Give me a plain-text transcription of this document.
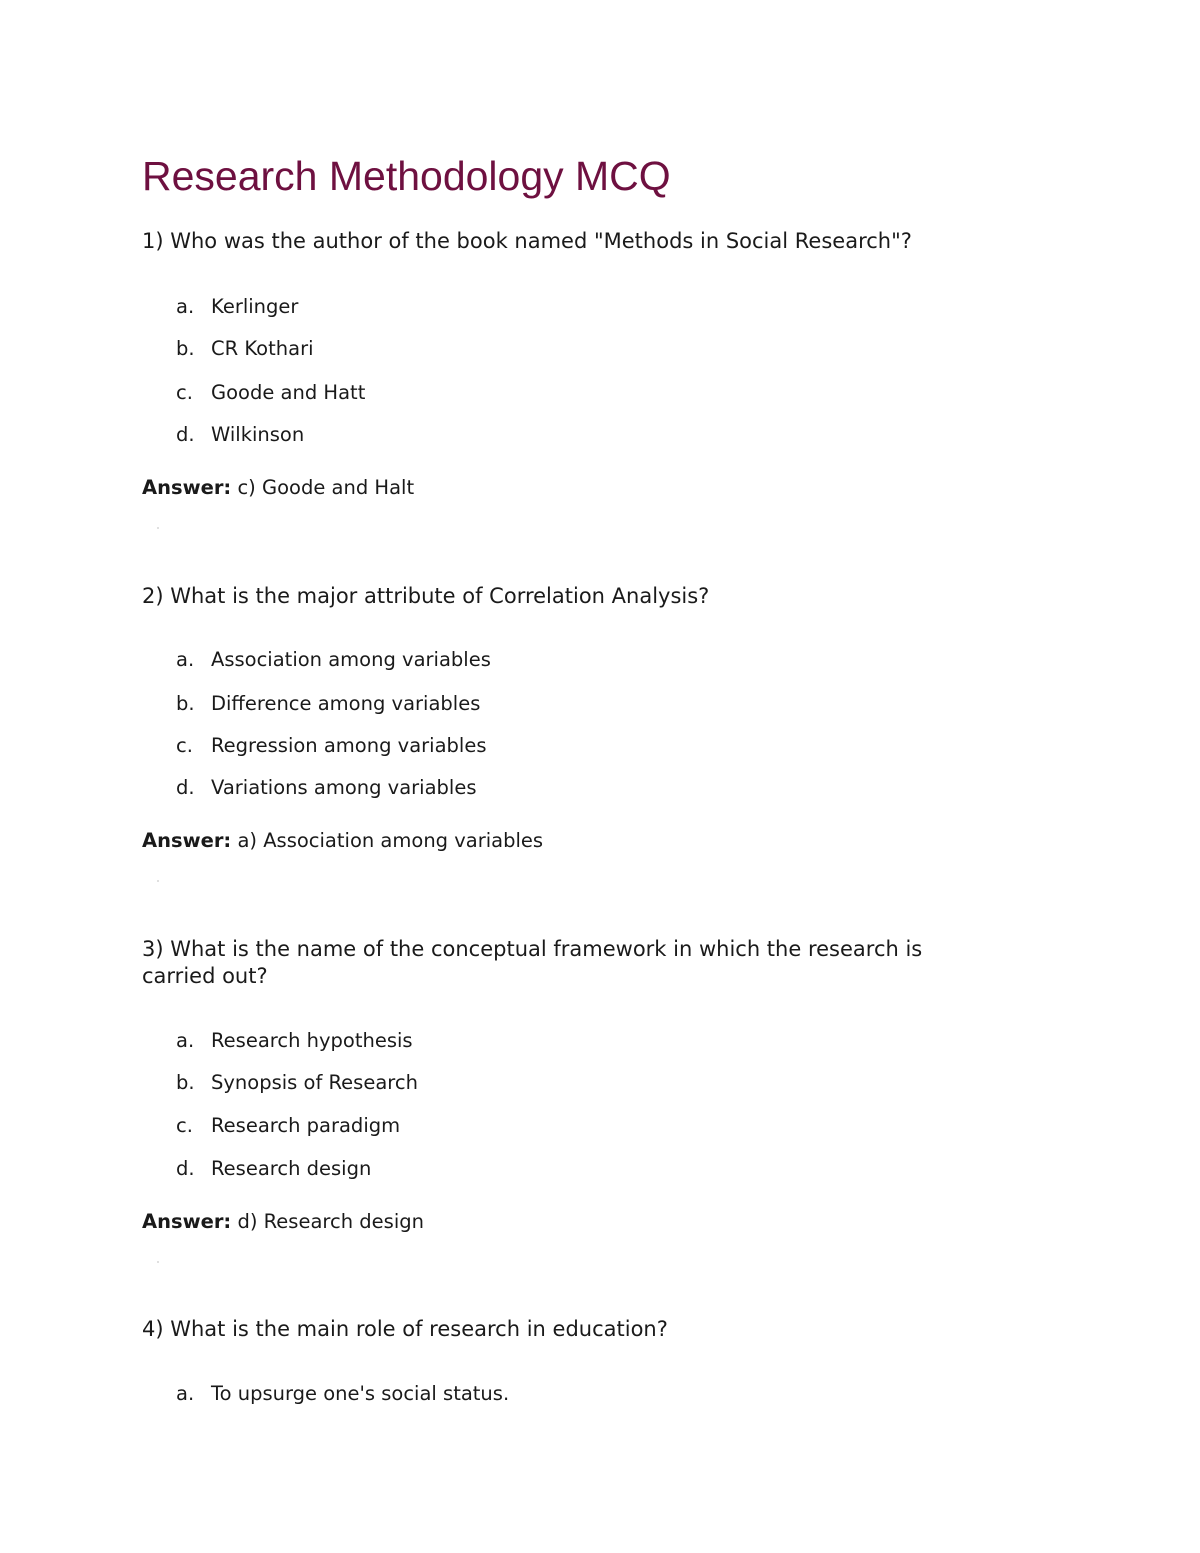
Research Methodology MCQ

1) Who was the author of the book named "Methods in Social Research"?

a. Kerlinger
b. CR Kothari
c. Goode and Hatt
d. Wilkinson
Answer: c) Goode and Halt

2) What is the major attribute of Correlation Analysis?

a. Association among variables
b. Difference among variables
c. Regression among variables
d. Variations among variables
Answer: a) Association among variables

3) What is the name of the conceptual framework in which the research is carried out?

a. Research hypothesis
b. Synopsis of Research
c. Research paradigm
d. Research design
Answer: d) Research design

4) What is the main role of research in education?

a. To upsurge one's social status.
